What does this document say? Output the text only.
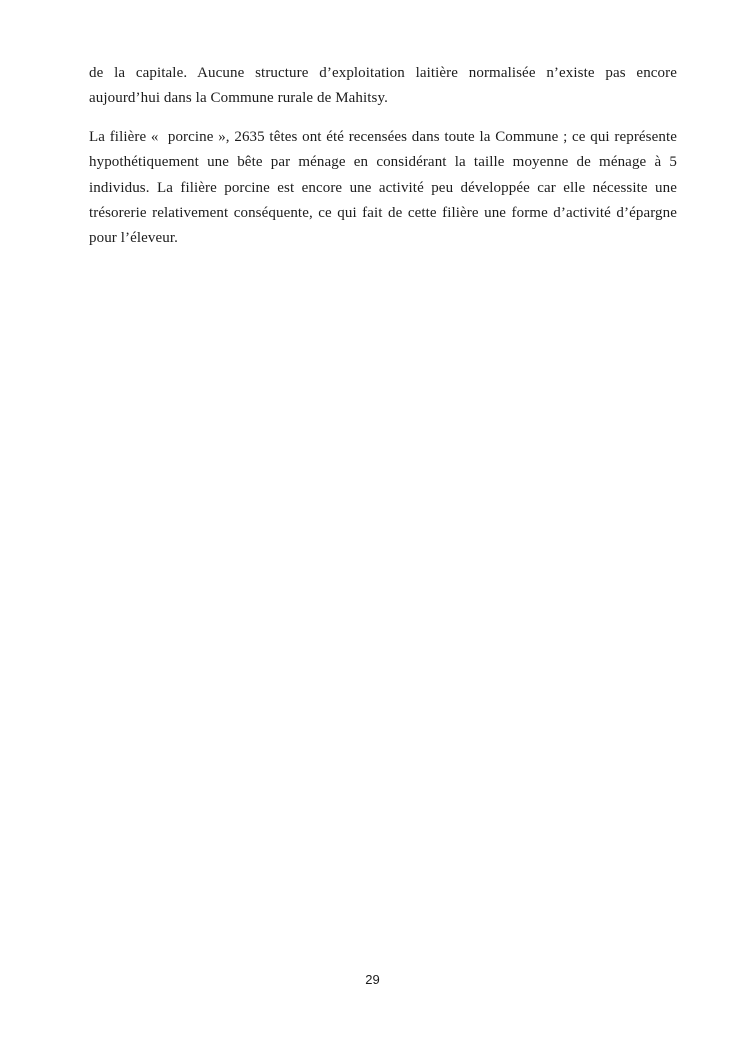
de la capitale. Aucune structure d’exploitation laitière normalisée n’existe pas encore aujourd’hui dans la Commune rurale de Mahitsy.

La filière «  porcine », 2635 têtes ont été recensées dans toute la Commune ; ce qui représente hypothétiquement une bête par ménage en considérant la taille moyenne de ménage à 5 individus. La filière porcine est encore une activité peu développée car elle nécessite une trésorerie relativement conséquente, ce qui fait de cette filière une forme d’activité d’épargne pour l’éleveur.

29
